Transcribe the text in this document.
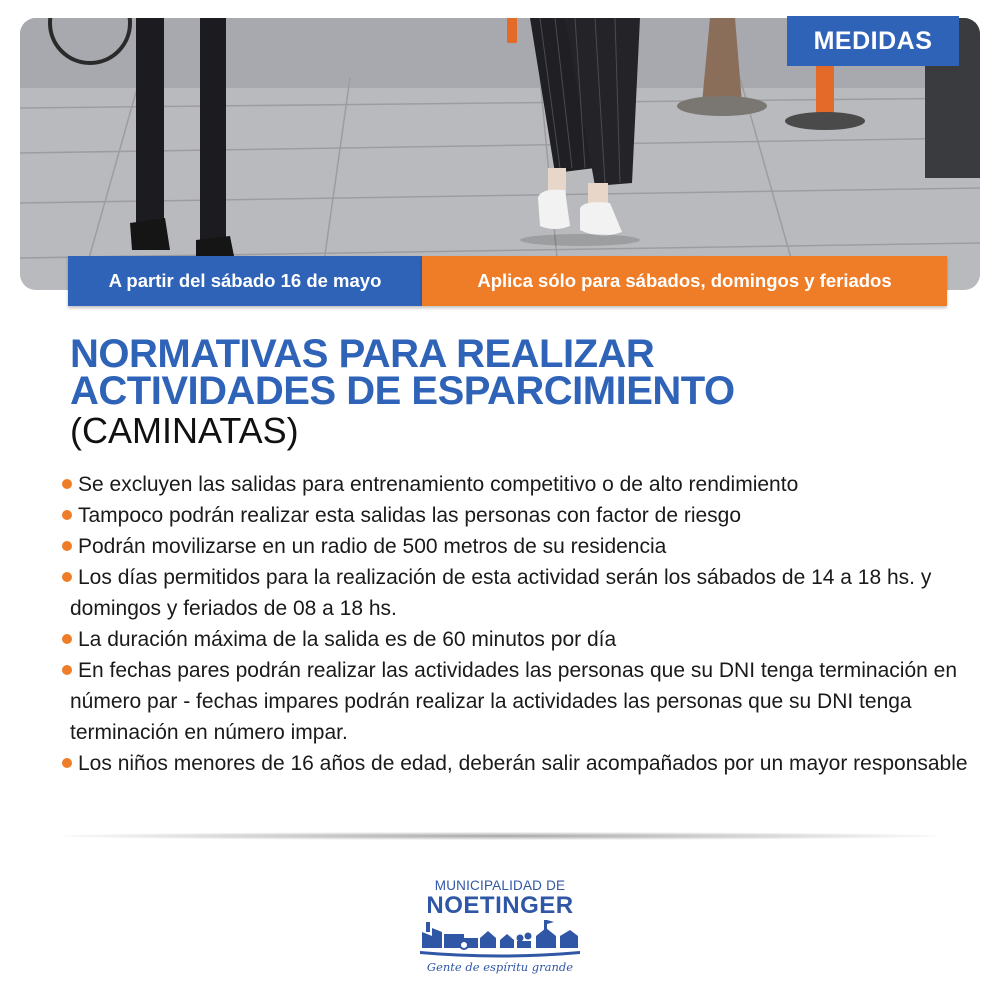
MEDIDAS
A partir del sábado 16 de mayo	Aplica sólo para sábados, domingos y feriados
NORMATIVAS PARA REALIZAR
ACTIVIDADES DE ESPARCIMIENTO
(CAMINATAS)
Se excluyen las salidas para entrenamiento competitivo o de alto rendimiento
Tampoco podrán realizar esta salidas las personas con factor de riesgo
Podrán movilizarse en un radio de 500 metros de su residencia
Los días permitidos para la realización de esta actividad serán los sábados de 14 a 18 hs. y domingos y feriados de 08 a 18 hs.
La duración máxima de la salida es de 60 minutos por día
En fechas pares podrán realizar las actividades las personas que su DNI tenga terminación en número par - fechas impares podrán realizar la actividades las personas que su DNI tenga terminación en número impar.
Los niños menores de 16 años de edad, deberán salir acompañados por un mayor responsable
MUNICIPALIDAD DE
NOETINGER
Gente de espíritu grande
